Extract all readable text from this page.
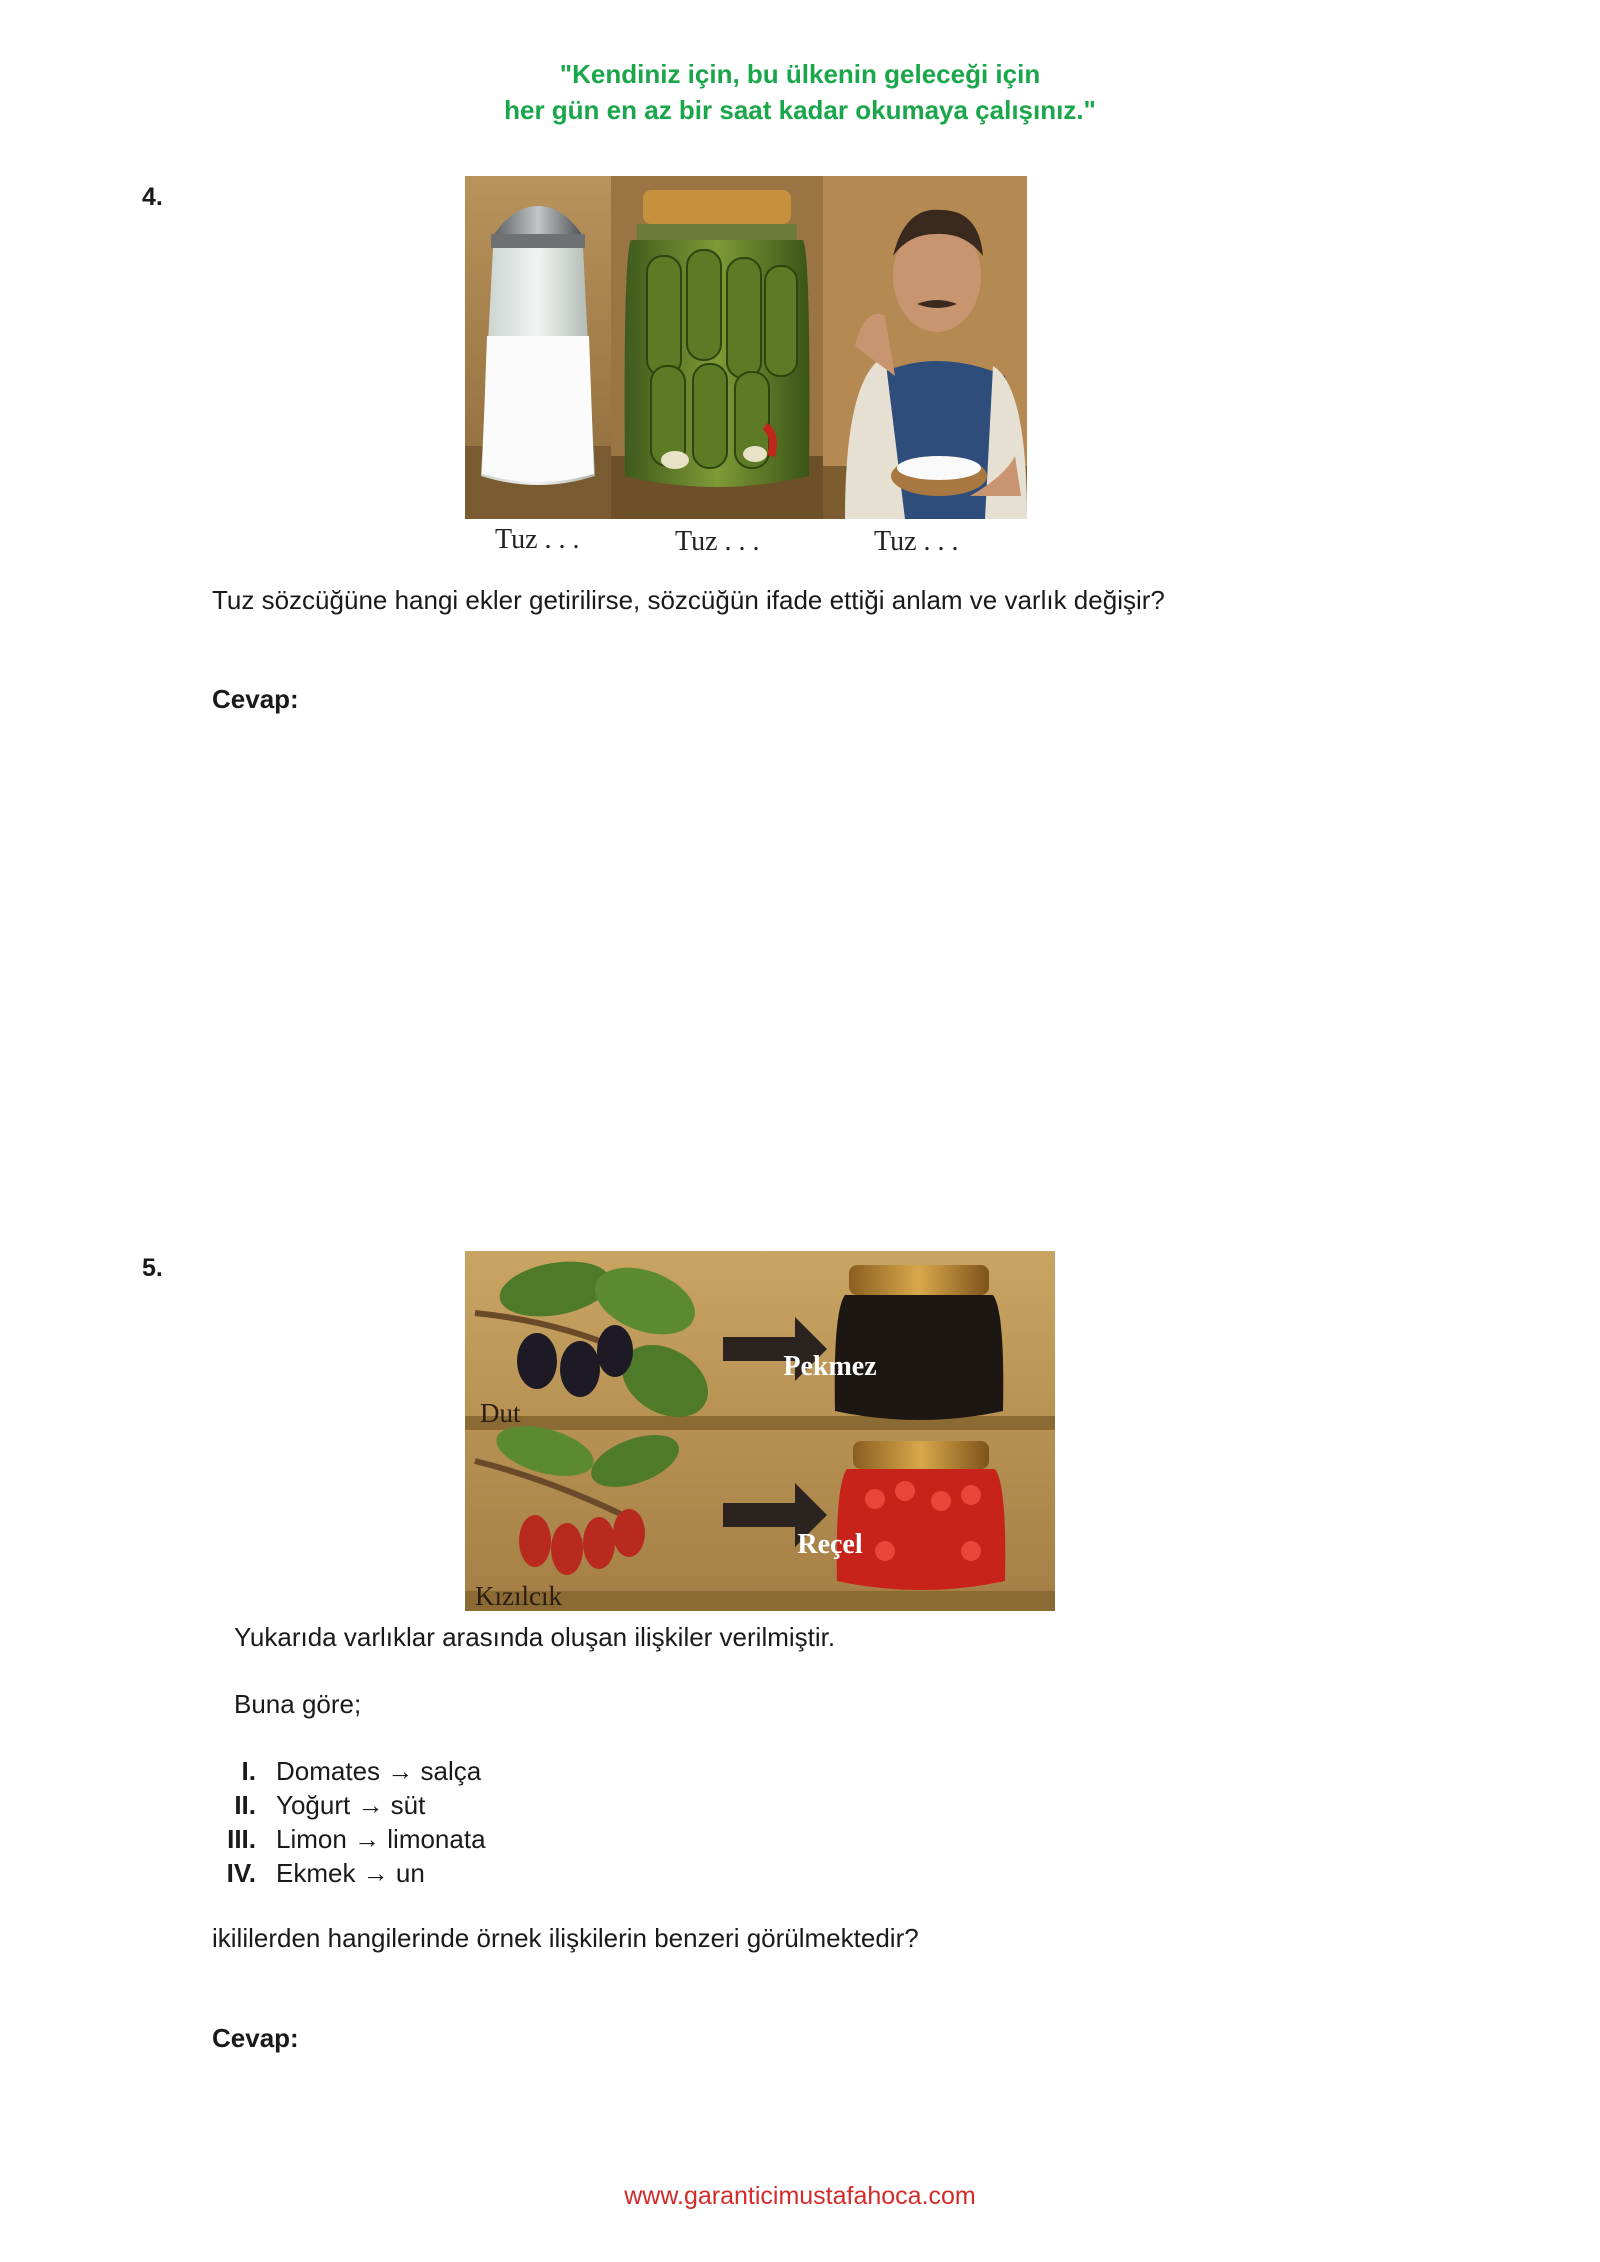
"Kendiniz için, bu ülkenin geleceği için
her gün en az bir saat kadar okumaya çalışınız."
4.
Tuz . . .	Tuz . . .	Tuz . . .
Tuz sözcüğüne hangi ekler getirilirse, sözcüğün ifade ettiği anlam ve varlık değişir?
Cevap:
5.
Pekmez
Dut
Reçel
Kızılcık
Yukarıda varlıklar arasında oluşan ilişkiler verilmiştir.
Buna göre;
I. Domates → salça
II. Yoğurt → süt
III. Limon → limonata
IV. Ekmek → un
ikililerden hangilerinde örnek ilişkilerin benzeri görülmektedir?
Cevap:
www.garanticimustafahoca.com
